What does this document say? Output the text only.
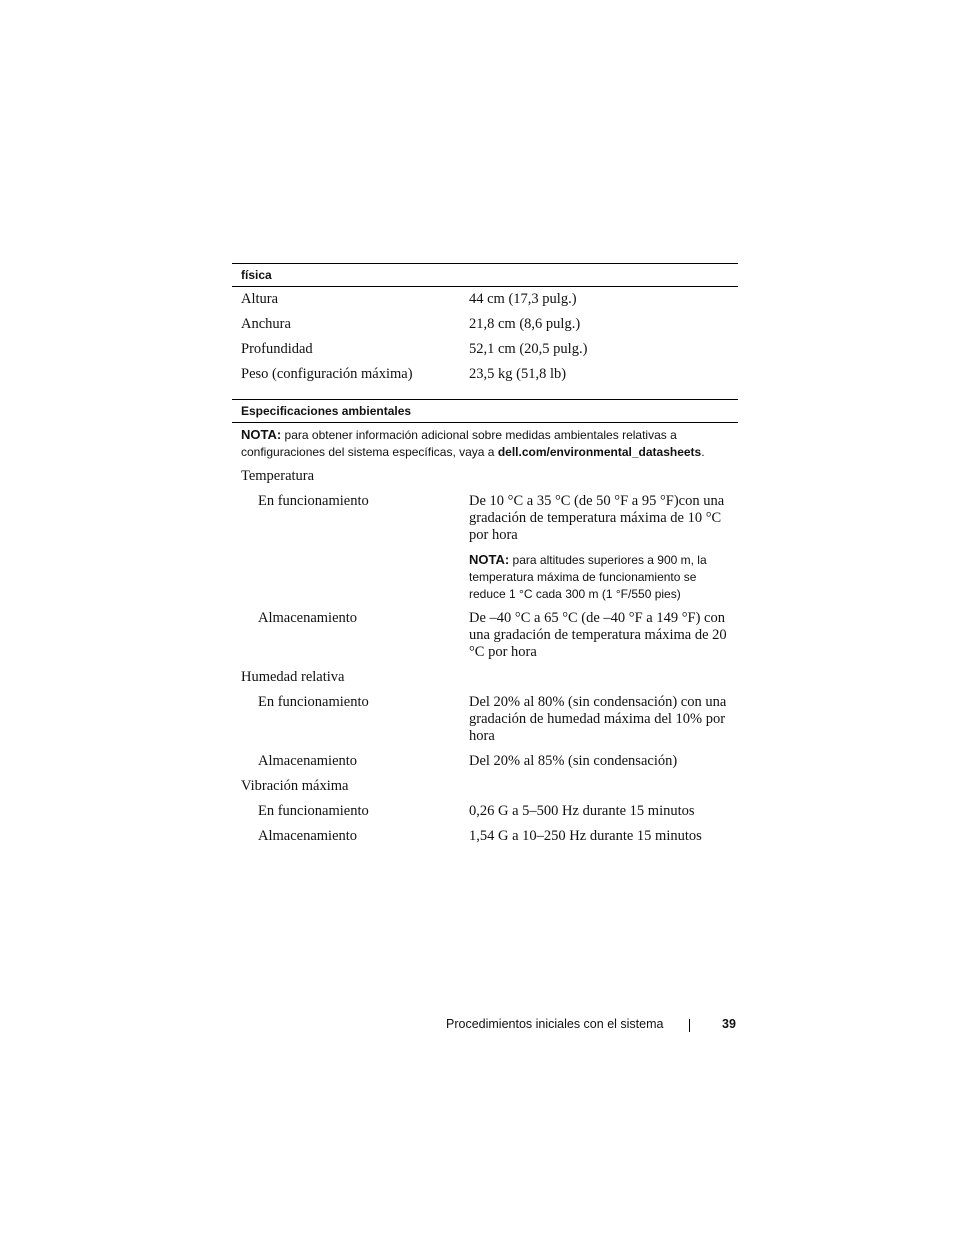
física
Altura	44 cm (17,3 pulg.)
Anchura	21,8 cm (8,6 pulg.)
Profundidad	52,1 cm (20,5 pulg.)
Peso (configuración máxima)	23,5 kg (51,8 lb)
Especificaciones ambientales
NOTA: para obtener información adicional sobre medidas ambientales relativas a configuraciones del sistema específicas, vaya a dell.com/environmental_datasheets.
Temperatura
En funcionamiento	De 10 °C a 35 °C (de 50 °F a 95 °F)con una gradación de temperatura máxima de 10 °C por hora
NOTA: para altitudes superiores a 900 m, la temperatura máxima de funcionamiento se reduce 1 °C cada 300 m (1 °F/550 pies)
Almacenamiento	De –40 °C a 65 °C (de –40 °F a 149 °F) con una gradación de temperatura máxima de 20 °C por hora
Humedad relativa
En funcionamiento	Del 20% al 80% (sin condensación) con una gradación de humedad máxima del 10% por hora
Almacenamiento	Del 20% al 85% (sin condensación)
Vibración máxima
En funcionamiento	0,26 G a 5–500 Hz durante 15 minutos
Almacenamiento	1,54 G a 10–250 Hz durante 15 minutos
Procedimientos iniciales con el sistema	39
